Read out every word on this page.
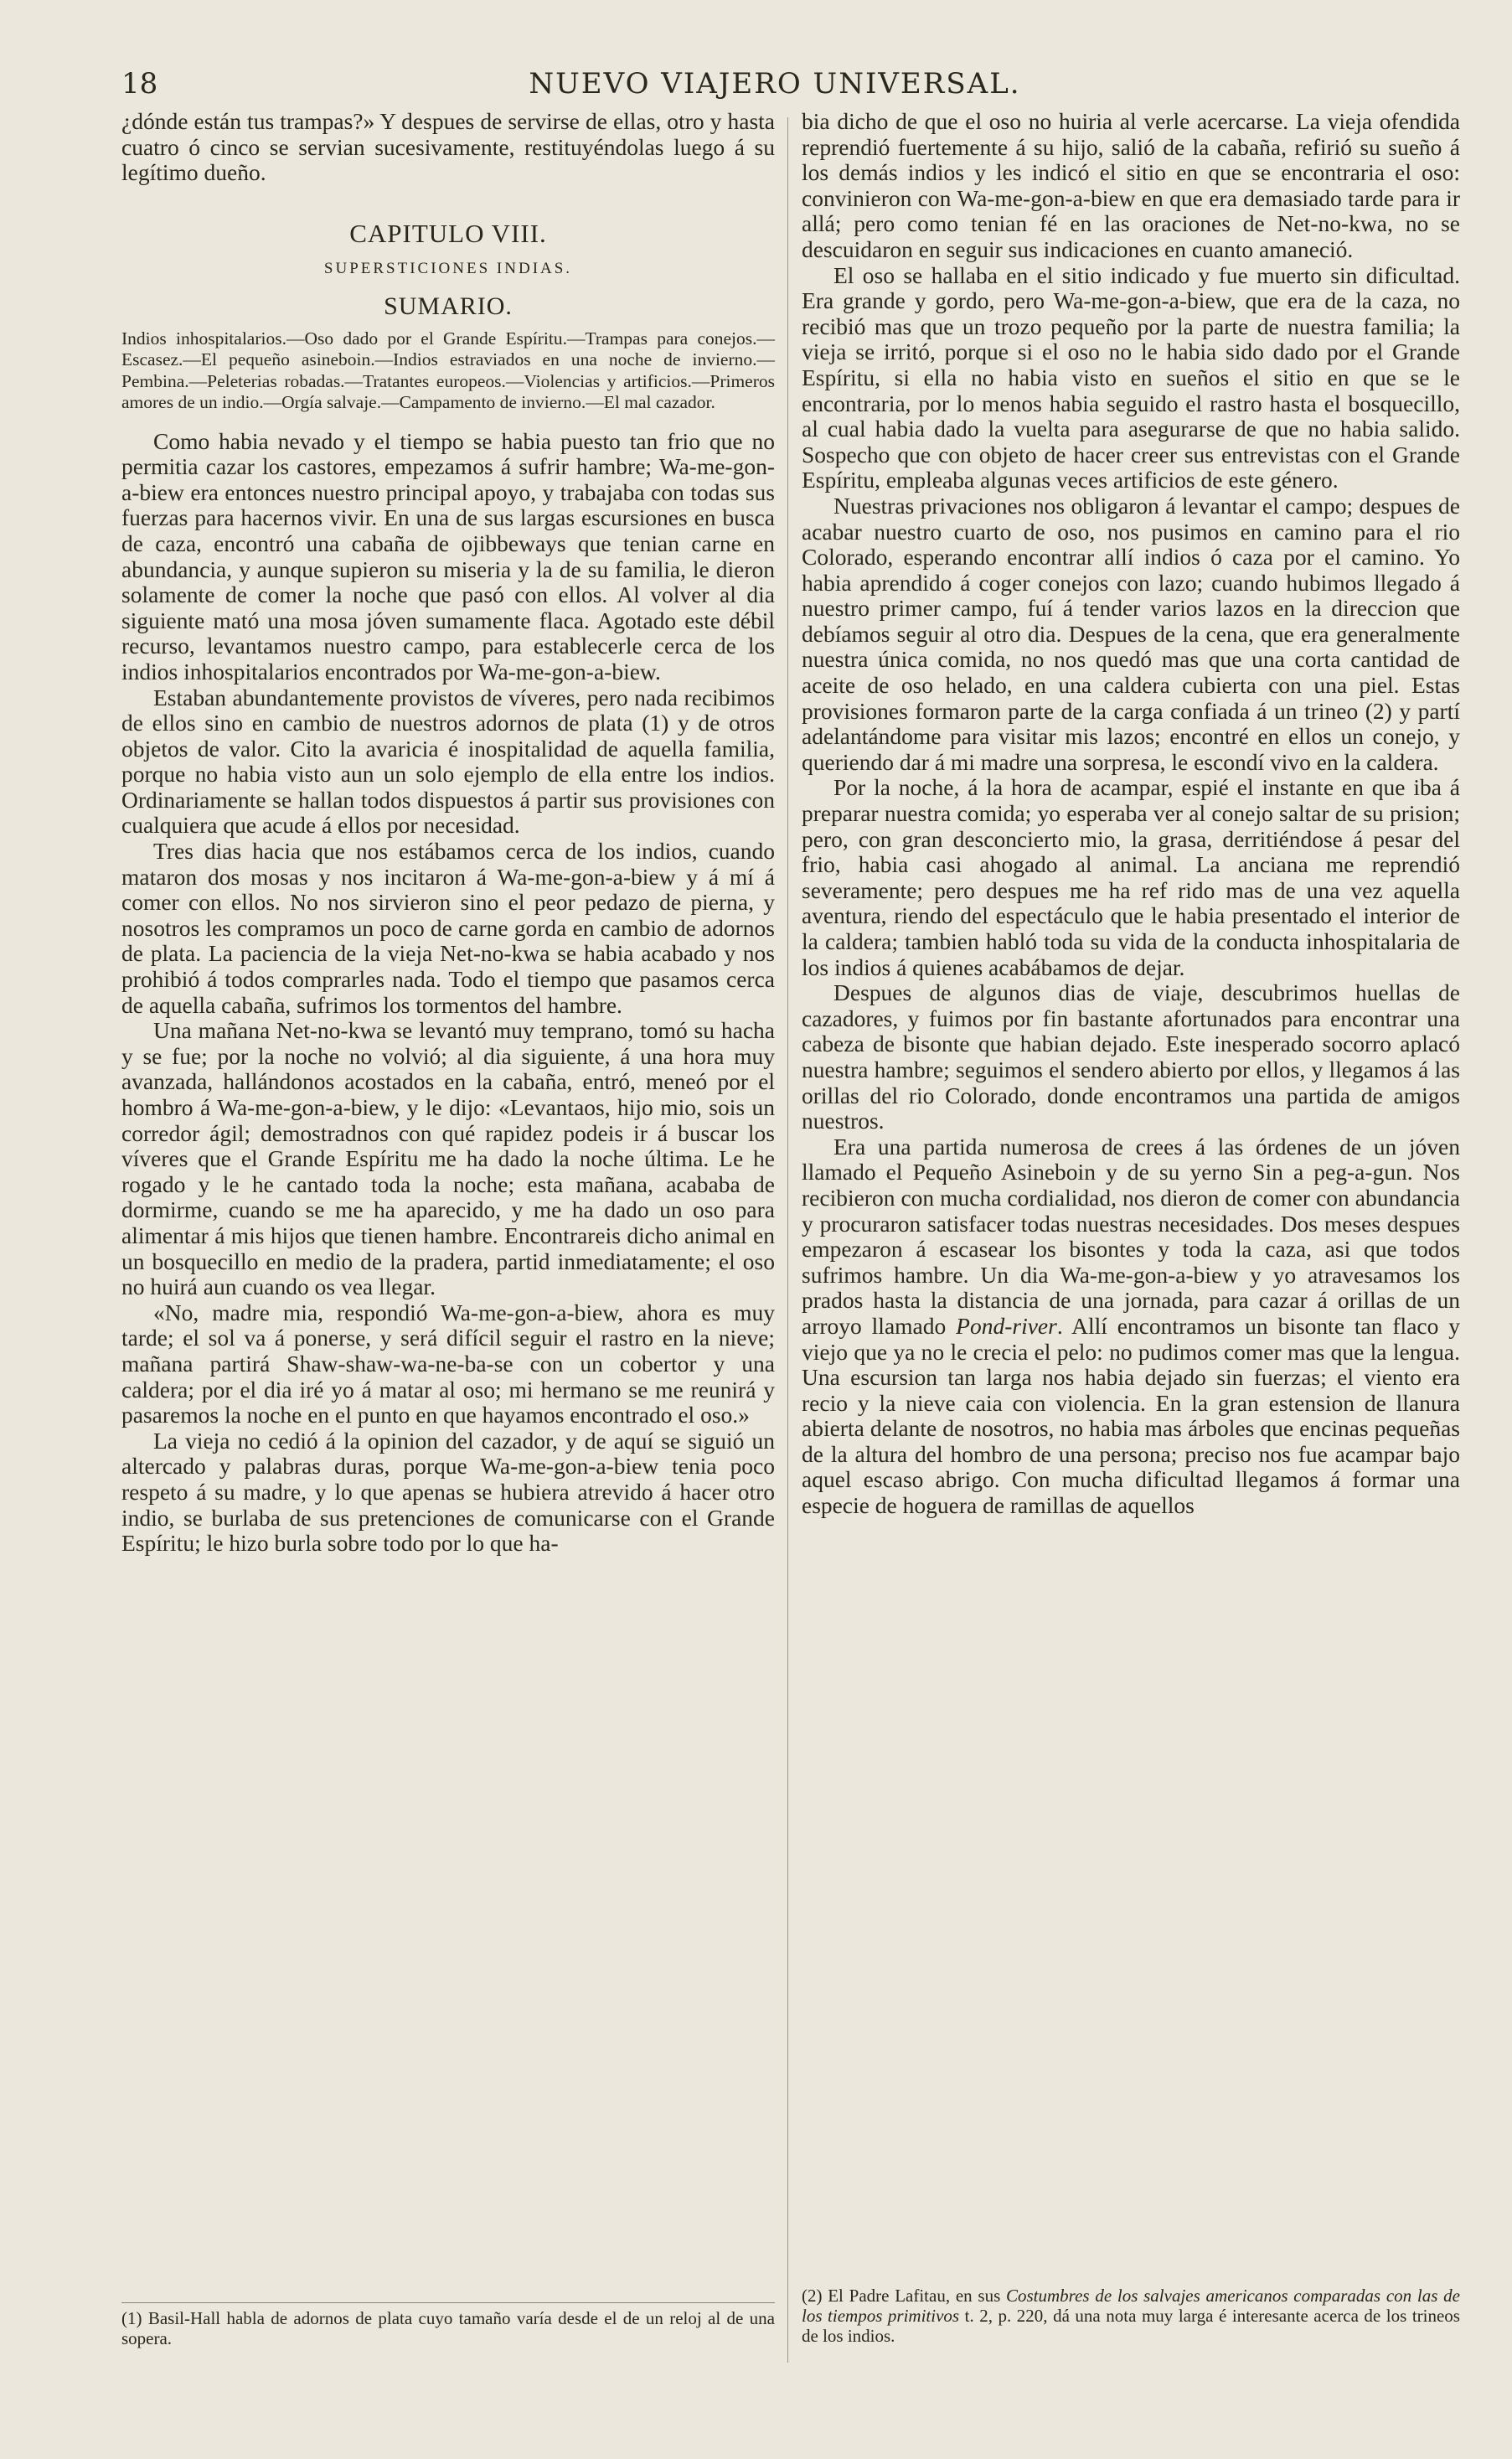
18	NUEVO VIAJERO UNIVERSAL.

¿dónde están tus trampas?» Y despues de servirse de ellas, otro y hasta cuatro ó cinco se servian sucesivamente, restituyéndolas luego á su legítimo dueño.

CAPITULO VIII.
SUPERSTICIONES INDIAS.
SUMARIO.

Indios inhospitalarios.—Oso dado por el Grande Espíritu.—Trampas para conejos.—Escasez.—El pequeño asineboin.—Indios estraviados en una noche de invierno.—Pembina.—Peleterias robadas.—Tratantes europeos.—Violencias y artificios.—Primeros amores de un indio.—Orgía salvaje.—Campamento de invierno.—El mal cazador.

Como habia nevado y el tiempo se habia puesto tan frio que no permitia cazar los castores, empezamos á sufrir hambre; Wa-me-gon-a-biew era entonces nuestro principal apoyo, y trabajaba con todas sus fuerzas para hacernos vivir. En una de sus largas escursiones en busca de caza, encontró una cabaña de ojibbeways que tenian carne en abundancia, y aunque supieron su miseria y la de su familia, le dieron solamente de comer la noche que pasó con ellos. Al volver al dia siguiente mató una mosa jóven sumamente flaca. Agotado este débil recurso, levantamos nuestro campo, para establecerle cerca de los indios inhospitalarios encontrados por Wa-me-gon-a-biew.

Estaban abundantemente provistos de víveres, pero nada recibimos de ellos sino en cambio de nuestros adornos de plata (1) y de otros objetos de valor. Cito la avaricia é inospitalidad de aquella familia, porque no habia visto aun un solo ejemplo de ella entre los indios. Ordinariamente se hallan todos dispuestos á partir sus provisiones con cualquiera que acude á ellos por necesidad.

Tres dias hacia que nos estábamos cerca de los indios, cuando mataron dos mosas y nos incitaron á Wa-me-gon-a-biew y á mí á comer con ellos. No nos sirvieron sino el peor pedazo de pierna, y nosotros les compramos un poco de carne gorda en cambio de adornos de plata. La paciencia de la vieja Net-no-kwa se habia acabado y nos prohibió á todos comprarles nada. Todo el tiempo que pasamos cerca de aquella cabaña, sufrimos los tormentos del hambre.

Una mañana Net-no-kwa se levantó muy temprano, tomó su hacha y se fue; por la noche no volvió; al dia siguiente, á una hora muy avanzada, hallándonos acostados en la cabaña, entró, meneó por el hombro á Wa-me-gon-a-biew, y le dijo: «Levantaos, hijo mio, sois un corredor ágil; demostradnos con qué rapidez podeis ir á buscar los víveres que el Grande Espíritu me ha dado la noche última. Le he rogado y le he cantado toda la noche; esta mañana, acababa de dormirme, cuando se me ha aparecido, y me ha dado un oso para alimentar á mis hijos que tienen hambre. Encontrareis dicho animal en un bosquecillo en medio de la pradera, partid inmediatamente; el oso no huirá aun cuando os vea llegar.

«No, madre mia, respondió Wa-me-gon-a-biew, ahora es muy tarde; el sol va á ponerse, y será difícil seguir el rastro en la nieve; mañana partirá Shaw-shaw-wa-ne-ba-se con un cobertor y una caldera; por el dia iré yo á matar al oso; mi hermano se me reunirá y pasaremos la noche en el punto en que hayamos encontrado el oso.»

La vieja no cedió á la opinion del cazador, y de aquí se siguió un altercado y palabras duras, porque Wa-me-gon-a-biew tenia poco respeto á su madre, y lo que apenas se hubiera atrevido á hacer otro indio, se burlaba de sus pretenciones de comunicarse con el Grande Espíritu; le hizo burla sobre todo por lo que ha-

bia dicho de que el oso no huiria al verle acercarse. La vieja ofendida reprendió fuertemente á su hijo, salió de la cabaña, refirió su sueño á los demás indios y les indicó el sitio en que se encontraria el oso: convinieron con Wa-me-gon-a-biew en que era demasiado tarde para ir allá; pero como tenian fé en las oraciones de Net-no-kwa, no se descuidaron en seguir sus indicaciones en cuanto amaneció.

El oso se hallaba en el sitio indicado y fue muerto sin dificultad. Era grande y gordo, pero Wa-me-gon-a-biew, que era de la caza, no recibió mas que un trozo pequeño por la parte de nuestra familia; la vieja se irritó, porque si el oso no le habia sido dado por el Grande Espíritu, si ella no habia visto en sueños el sitio en que se le encontraria, por lo menos habia seguido el rastro hasta el bosquecillo, al cual habia dado la vuelta para asegurarse de que no habia salido. Sospecho que con objeto de hacer creer sus entrevistas con el Grande Espíritu, empleaba algunas veces artificios de este género.

Nuestras privaciones nos obligaron á levantar el campo; despues de acabar nuestro cuarto de oso, nos pusimos en camino para el rio Colorado, esperando encontrar allí indios ó caza por el camino. Yo habia aprendido á coger conejos con lazo; cuando hubimos llegado á nuestro primer campo, fuí á tender varios lazos en la direccion que debíamos seguir al otro dia. Despues de la cena, que era generalmente nuestra única comida, no nos quedó mas que una corta cantidad de aceite de oso helado, en una caldera cubierta con una piel. Estas provisiones formaron parte de la carga confiada á un trineo (2) y partí adelantándome para visitar mis lazos; encontré en ellos un conejo, y queriendo dar á mi madre una sorpresa, le escondí vivo en la caldera.

Por la noche, á la hora de acampar, espié el instante en que iba á preparar nuestra comida; yo esperaba ver al conejo saltar de su prision; pero, con gran desconcierto mio, la grasa, derritiéndose á pesar del frio, habia casi ahogado al animal. La anciana me reprendió severamente; pero despues me ha ref rido mas de una vez aquella aventura, riendo del espectáculo que le habia presentado el interior de la caldera; tambien habló toda su vida de la conducta inhospitalaria de los indios á quienes acabábamos de dejar.

Despues de algunos dias de viaje, descubrimos huellas de cazadores, y fuimos por fin bastante afortunados para encontrar una cabeza de bisonte que habian dejado. Este inesperado socorro aplacó nuestra hambre; seguimos el sendero abierto por ellos, y llegamos á las orillas del rio Colorado, donde encontramos una partida de amigos nuestros.

Era una partida numerosa de crees á las órdenes de un jóven llamado el Pequeño Asineboin y de su yerno Sin a peg-a-gun. Nos recibieron con mucha cordialidad, nos dieron de comer con abundancia y procuraron satisfacer todas nuestras necesidades. Dos meses despues empezaron á escasear los bisontes y toda la caza, asi que todos sufrimos hambre. Un dia Wa-me-gon-a-biew y yo atravesamos los prados hasta la distancia de una jornada, para cazar á orillas de un arroyo llamado Pond-river. Allí encontramos un bisonte tan flaco y viejo que ya no le crecia el pelo: no pudimos comer mas que la lengua. Una escursion tan larga nos habia dejado sin fuerzas; el viento era recio y la nieve caia con violencia. En la gran estension de llanura abierta delante de nosotros, no habia mas árboles que encinas pequeñas de la altura del hombro de una persona; preciso nos fue acampar bajo aquel escaso abrigo. Con mucha dificultad llegamos á formar una especie de hoguera de ramillas de aquellos

(1) Basil-Hall habla de adornos de plata cuyo tamaño varía desde el de un reloj al de una sopera.

(2) El Padre Lafitau, en sus Costumbres de los salvajes americanos comparadas con las de los tiempos primitivos t. 2, p. 220, dá una nota muy larga é interesante acerca de los trineos de los indios.
